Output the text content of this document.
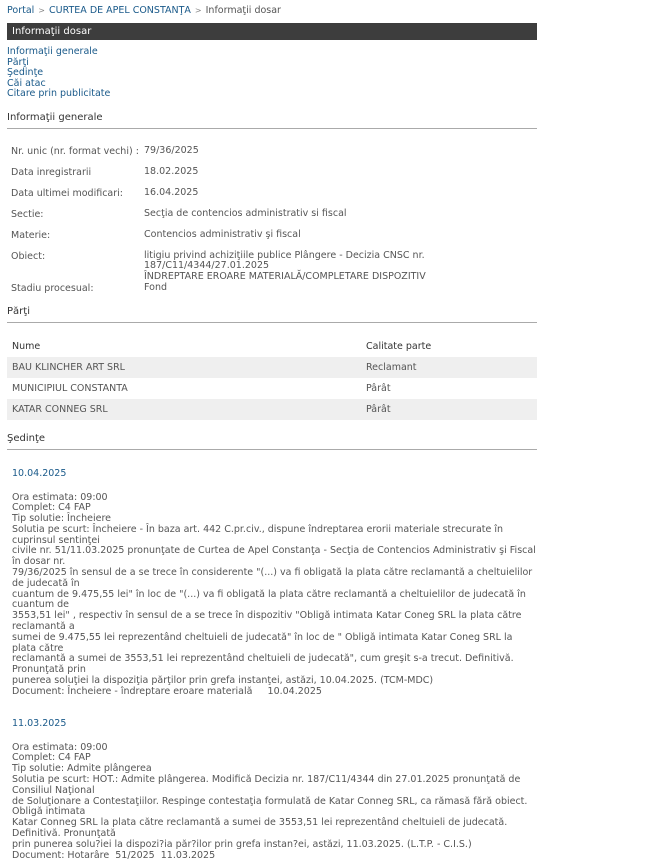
Portal > CURTEA DE APEL CONSTANŢA > Informaţii dosar
Informaţii dosar
Informaţii generale
Părţi
Şedinţe
Căi atac
Citare prin publicitate
Informaţii generale
Nr. unic (nr. format vechi) : 79/36/2025
Data inregistrarii	18.02.2025
Data ultimei modificari:	16.04.2025
Sectie:	Secţia de contencios administrativ si fiscal
Materie:	Contencios administrativ şi fiscal
Obiect:	litigiu privind achiziţiile publice Plângere - Decizia CNSC nr. 187/C11/4344/27.01.2025
ÎNDREPTARE EROARE MATERIALĂ/COMPLETARE DISPOZITIV
Stadiu procesual:	Fond
Părţi
Nume	Calitate parte
BAU KLINCHER ART SRL	Reclamant
MUNICIPIUL CONSTANTA	Pârât
KATAR CONNEG SRL	Pârât
Şedinţe
10.04.2025
Ora estimata: 09:00
Complet: C4 FAP
Tip solutie: Încheiere
Solutia pe scurt: Încheiere - În baza art. 442 C.pr.civ., dispune îndreptarea erorii materiale strecurate în cuprinsul sentinţei
civile nr. 51/11.03.2025 pronunţate de Curtea de Apel Constanţa - Secţia de Contencios Administrativ şi Fiscal în dosar nr.
79/36/2025 în sensul de a se trece în considerente "(...) va fi obligată la plata către reclamantă a cheltuielilor de judecată în
cuantum de 9.475,55 lei" în loc de "(...) va fi obligată la plata către reclamantă a cheltuielilor de judecată în cuantum de
3553,51 lei" , respectiv în sensul de a se trece în dispozitiv "Obligă intimata Katar Coneg SRL la plata către reclamantă a
sumei de 9.475,55 lei reprezentând cheltuieli de judecată" în loc de " Obligă intimata Katar Coneg SRL la plata către
reclamantă a sumei de 3553,51 lei reprezentând cheltuieli de judecată", cum greşit s-a trecut. Definitivă. Pronunţată prin
punerea soluţiei la dispoziţia părţilor prin grefa instanţei, astăzi, 10.04.2025. (TCM-MDC)
Document: Încheiere - îndreptare eroare materială     10.04.2025
11.03.2025
Ora estimata: 09:00
Complet: C4 FAP
Tip solutie: Admite plângerea
Solutia pe scurt: HOT.: Admite plângerea. Modifică Decizia nr. 187/C11/4344 din 27.01.2025 pronunţată de Consiliul Naţional
de Soluţionare a Contestaţiilor. Respinge contestaţia formulată de Katar Conneg SRL, ca rămasă fără obiect. Obligă intimata
Katar Conneg SRL la plata către reclamantă a sumei de 3553,51 lei reprezentând cheltuieli de judecată. Definitivă. Pronunţată
prin punerea solu?iei la dispozi?ia păr?ilor prin grefa instan?ei, astăzi, 11.03.2025. (L.T.P. - C.I.S.)
Document: Hotarâre  51/2025  11.03.2025
